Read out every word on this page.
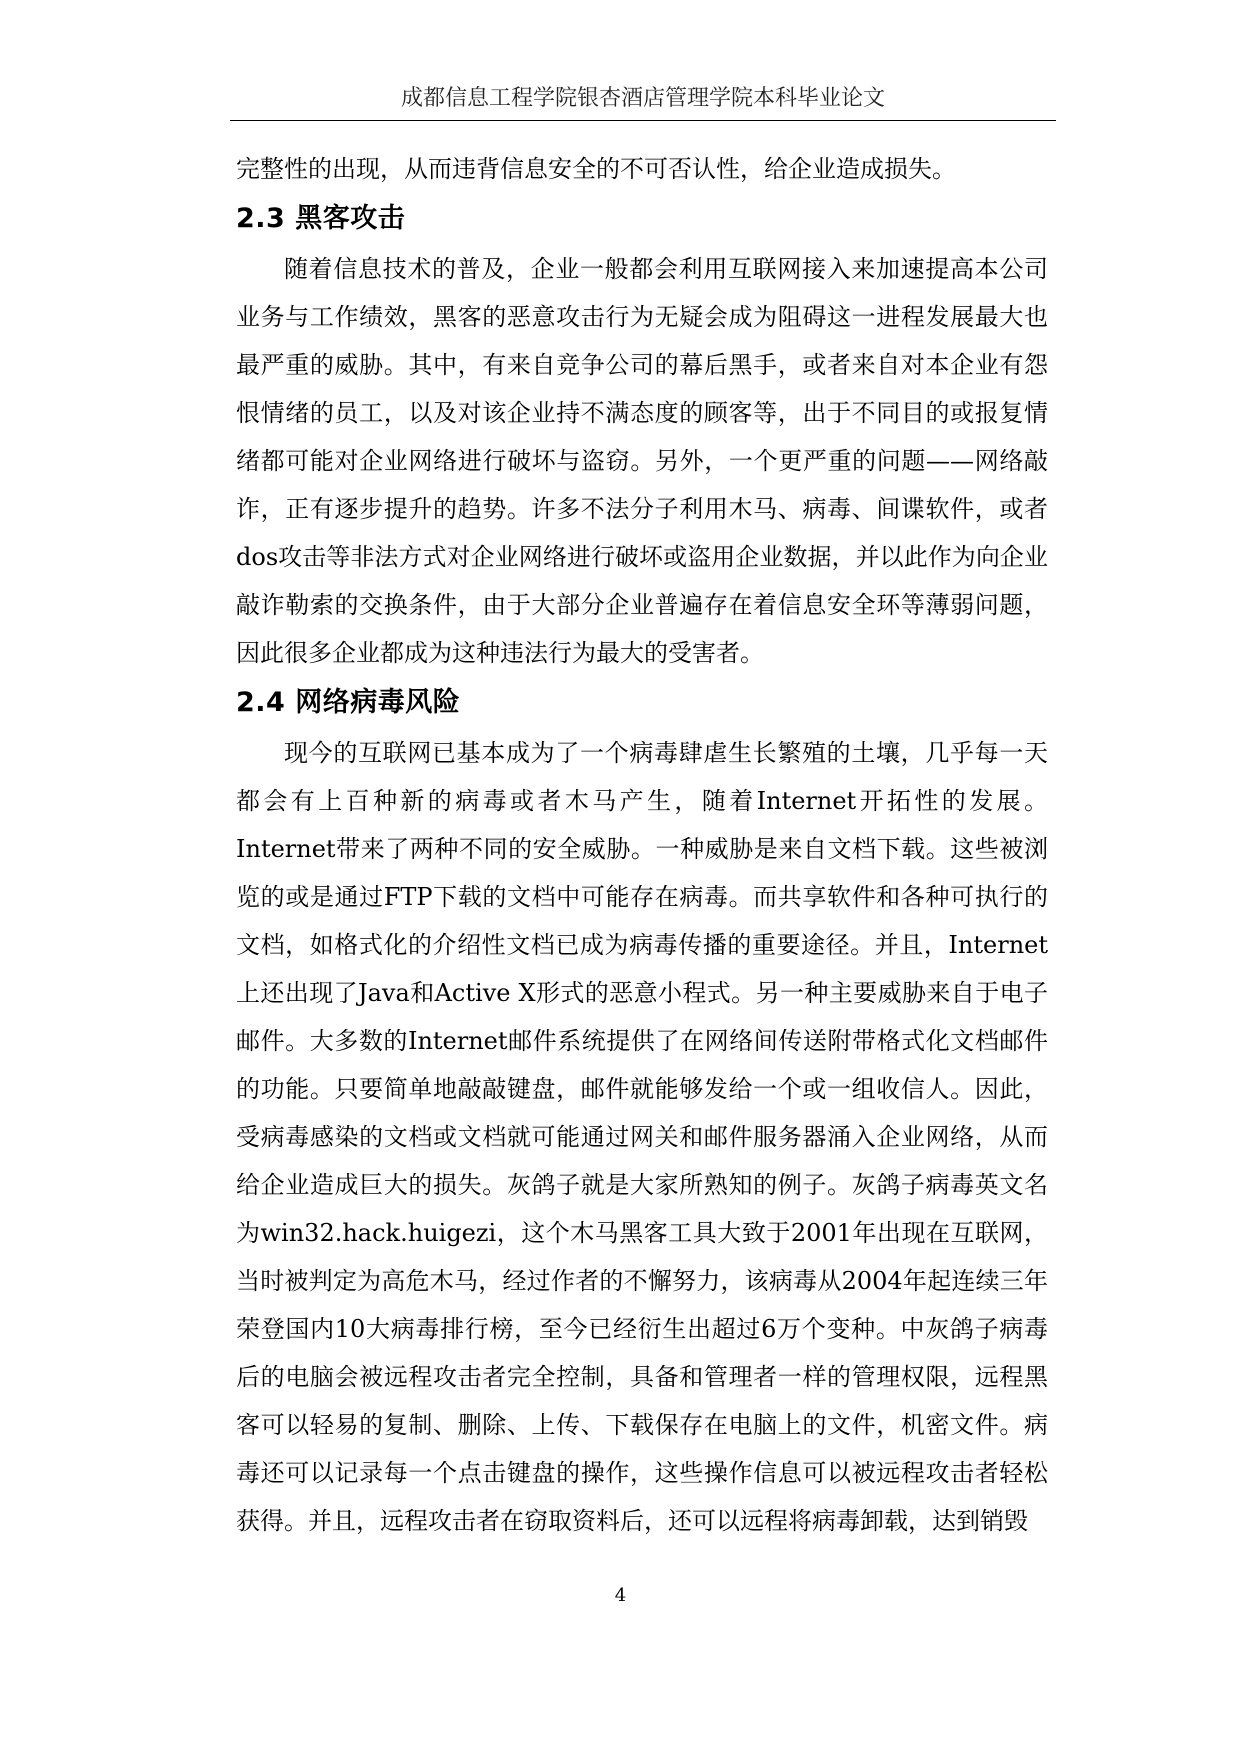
成都信息工程学院银杏酒店管理学院本科毕业论文

完整性的出现，从而违背信息安全的不可否认性，给企业造成损失。

2.3 黑客攻击

随着信息技术的普及，企业一般都会利用互联网接入来加速提高本公司业务与工作绩效，黑客的恶意攻击行为无疑会成为阻碍这一进程发展最大也最严重的威胁。其中，有来自竞争公司的幕后黑手，或者来自对本企业有怨恨情绪的员工，以及对该企业持不满态度的顾客等，出于不同目的或报复情绪都可能对企业网络进行破坏与盗窃。另外，一个更严重的问题——网络敲诈，正有逐步提升的趋势。许多不法分子利用木马、病毒、间谍软件，或者dos攻击等非法方式对企业网络进行破坏或盗用企业数据，并以此作为向企业敲诈勒索的交换条件，由于大部分企业普遍存在着信息安全环等薄弱问题，因此很多企业都成为这种违法行为最大的受害者。

2.4 网络病毒风险

现今的互联网已基本成为了一个病毒肆虐生长繁殖的土壤，几乎每一天都会有上百种新的病毒或者木马产生，随着Internet开拓性的发展。Internet带来了两种不同的安全威胁。一种威胁是来自文档下载。这些被浏览的或是通过FTP下载的文档中可能存在病毒。而共享软件和各种可执行的文档，如格式化的介绍性文档已成为病毒传播的重要途径。并且，Internet上还出现了Java和Active X形式的恶意小程式。另一种主要威胁来自于电子邮件。大多数的Internet邮件系统提供了在网络间传送附带格式化文档邮件的功能。只要简单地敲敲键盘，邮件就能够发给一个或一组收信人。因此，受病毒感染的文档或文档就可能通过网关和邮件服务器涌入企业网络，从而给企业造成巨大的损失。灰鸽子就是大家所熟知的例子。灰鸽子病毒英文名为win32.hack.huigezi，这个木马黑客工具大致于2001年出现在互联网，当时被判定为高危木马，经过作者的不懈努力，该病毒从2004年起连续三年荣登国内10大病毒排行榜，至今已经衍生出超过6万个变种。中灰鸽子病毒后的电脑会被远程攻击者完全控制，具备和管理者一样的管理权限，远程黑客可以轻易的复制、删除、上传、下载保存在电脑上的文件，机密文件。病毒还可以记录每一个点击键盘的操作，这些操作信息可以被远程攻击者轻松获得。并且，远程攻击者在窃取资料后，还可以远程将病毒卸载，达到销毁

4
